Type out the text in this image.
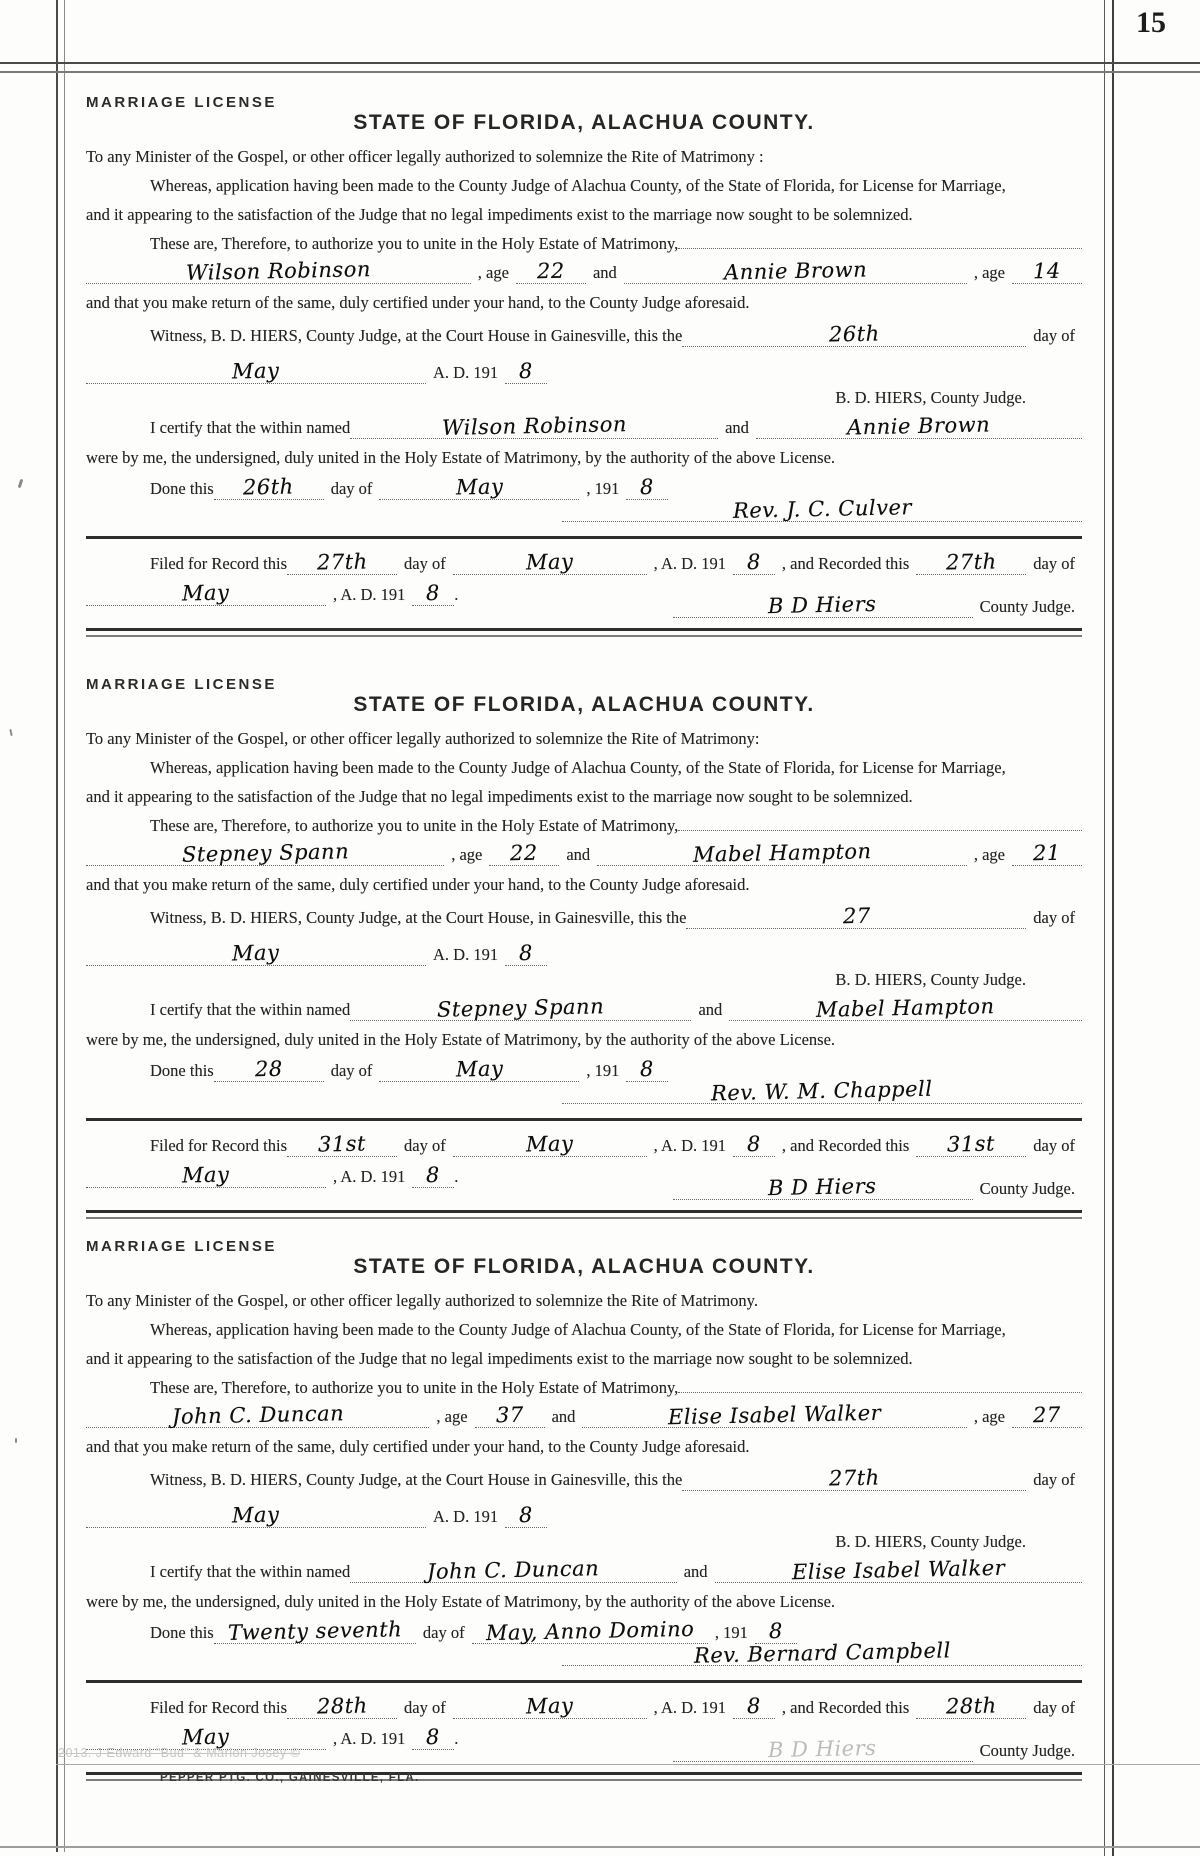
15
MARRIAGE LICENSE
STATE OF FLORIDA, ALACHUA COUNTY.
To any Minister of the Gospel, or other officer legally authorized to solemnize the Rite of Matrimony :
Whereas, application having been made to the County Judge of Alachua County, of the State of Florida, for License for Marriage,
and it appearing to the satisfaction of the Judge that no legal impediments exist to the marriage now sought to be solemnized.
These are, Therefore, to authorize you to unite in the Holy Estate of Matrimony,
Wilson Robinson	, age	22	and	Annie Brown	, age	14
and that you make return of the same, duly certified under your hand, to the County Judge aforesaid.
Witness, B. D. HIERS, County Judge, at the Court House in Gainesville, this the	26th	day of
May	A. D. 191 8
B. D. HIERS, County Judge.
I certify that the within named	Wilson Robinson	and	Annie Brown
were by me, the undersigned, duly united in the Holy Estate of Matrimony, by the authority of the above License.
Done this	26th	day of	May	, 191 8
Rev. J. C. Culver
Filed for Record this	27th	day of	May	, A. D. 191 8	, and Recorded this	27th	day of
May	, A. D. 191 8 .	B D Hiers	County Judge.
MARRIAGE LICENSE
STATE OF FLORIDA, ALACHUA COUNTY.
To any Minister of the Gospel, or other officer legally authorized to solemnize the Rite of Matrimony:
Whereas, application having been made to the County Judge of Alachua County, of the State of Florida, for License for Marriage,
and it appearing to the satisfaction of the Judge that no legal impediments exist to the marriage now sought to be solemnized.
These are, Therefore, to authorize you to unite in the Holy Estate of Matrimony,
Stepney Spann	, age	22	and	Mabel Hampton	, age	21
and that you make return of the same, duly certified under your hand, to the County Judge aforesaid.
Witness, B. D. HIERS, County Judge, at the Court House, in Gainesville, this the	27	day of
May	A. D. 191 8
B. D. HIERS, County Judge.
I certify that the within named	Stepney Spann	and	Mabel Hampton
were by me, the undersigned, duly united in the Holy Estate of Matrimony, by the authority of the above License.
Done this	28	day of	May	, 191 8
Rev. W. M. Chappell
Filed for Record this	31st	day of	May	, A. D. 191 8	, and Recorded this	31st	day of
May	, A. D. 191 8 .	B D Hiers	County Judge.
MARRIAGE LICENSE
STATE OF FLORIDA, ALACHUA COUNTY.
To any Minister of the Gospel, or other officer legally authorized to solemnize the Rite of Matrimony.
Whereas, application having been made to the County Judge of Alachua County, of the State of Florida, for License for Marriage,
and it appearing to the satisfaction of the Judge that no legal impediments exist to the marriage now sought to be solemnized.
These are, Therefore, to authorize you to unite in the Holy Estate of Matrimony,
John C. Duncan	, age	37	and	Elise Isabel Walker	, age	27
and that you make return of the same, duly certified under your hand, to the County Judge aforesaid.
Witness, B. D. HIERS, County Judge, at the Court House in Gainesville, this the	27th	day of
May	A. D. 191 8
B. D. HIERS, County Judge.
I certify that the within named	John C. Duncan	and	Elise Isabel Walker
were by me, the undersigned, duly united in the Holy Estate of Matrimony, by the authority of the above License.
Done this Twenty seventh	day of May, Anno Domino	, 191 8
Rev. Bernard Campbell
Filed for Record this	28th	day of	May	, A. D. 191 8	, and Recorded this	28th	day of
May	, A. D. 191 8 .	B D Hiers	County Judge.
2013. J Edward "Bud" & Marion Josey ©
PEPPER PTG. CO., GAINESVILLE, FLA.
